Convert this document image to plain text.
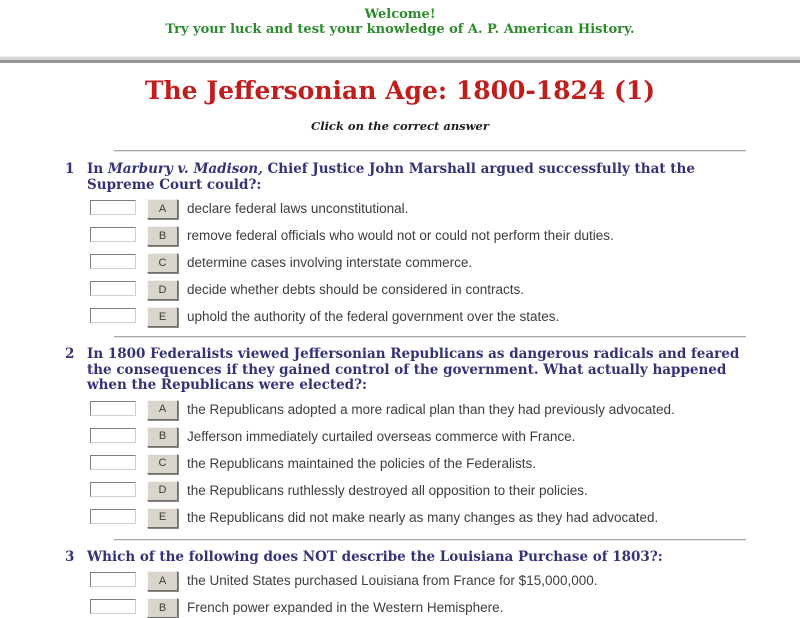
Welcome!
Try your luck and test your knowledge of A. P. American History.
The Jeffersonian Age: 1800-1824 (1)
Click on the correct answer
1 In Marbury v. Madison, Chief Justice John Marshall argued successfully that the
Supreme Court could?:
A	declare federal laws unconstitutional.
B	remove federal officials who would not or could not perform their duties.
C	determine cases involving interstate commerce.
D	decide whether debts should be considered in contracts.
E	uphold the authority of the federal government over the states.
2 In 1800 Federalists viewed Jeffersonian Republicans as dangerous radicals and feared
the consequences if they gained control of the government. What actually happened
when the Republicans were elected?:
A	the Republicans adopted a more radical plan than they had previously advocated.
B	Jefferson immediately curtailed overseas commerce with France.
C	the Republicans maintained the policies of the Federalists.
D	the Republicans ruthlessly destroyed all opposition to their policies.
E	the Republicans did not make nearly as many changes as they had advocated.
3 Which of the following does NOT describe the Louisiana Purchase of 1803?:
A	the United States purchased Louisiana from France for $15,000,000.
B	French power expanded in the Western Hemisphere.
